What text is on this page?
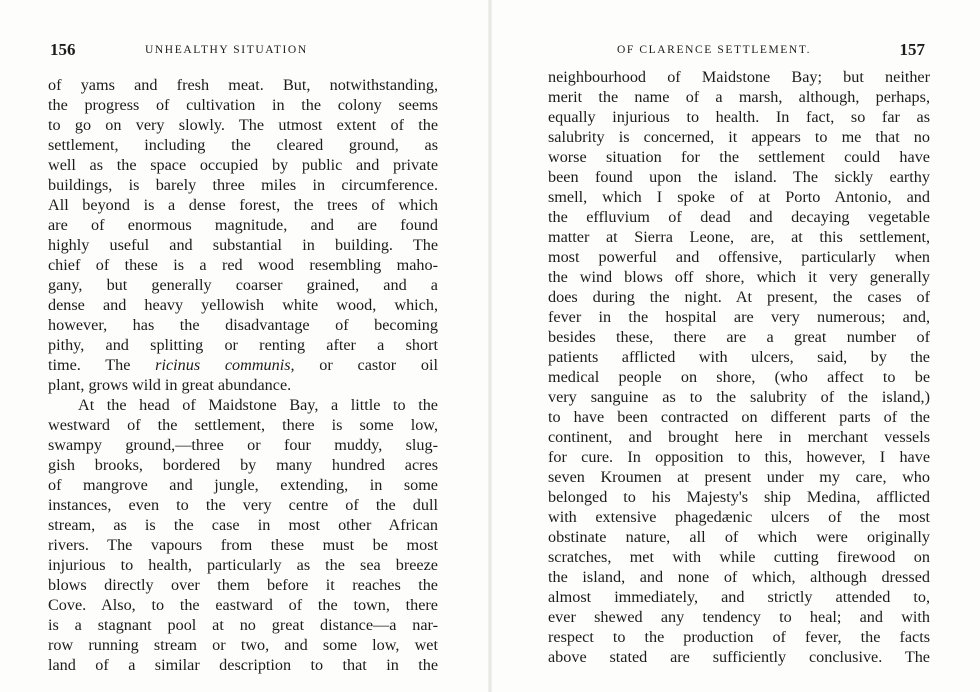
156	UNHEALTHY SITUATION
of yams and fresh meat. But, notwithstanding,
the progress of cultivation in the colony seems
to go on very slowly. The utmost extent of the
settlement, including the cleared ground, as
well as the space occupied by public and private
buildings, is barely three miles in circumference.
All beyond is a dense forest, the trees of which
are of enormous magnitude, and are found
highly useful and substantial in building. The
chief of these is a red wood resembling maho-
gany, but generally coarser grained, and a
dense and heavy yellowish white wood, which,
however, has the disadvantage of becoming
pithy, and splitting or renting after a short
time. The ricinus communis, or castor oil
plant, grows wild in great abundance.
At the head of Maidstone Bay, a little to the
westward of the settlement, there is some low,
swampy ground,—three or four muddy, slug-
gish brooks, bordered by many hundred acres
of mangrove and jungle, extending, in some
instances, even to the very centre of the dull
stream, as is the case in most other African
rivers. The vapours from these must be most
injurious to health, particularly as the sea breeze
blows directly over them before it reaches the
Cove. Also, to the eastward of the town, there
is a stagnant pool at no great distance—a nar-
row running stream or two, and some low, wet
land of a similar description to that in the
OF CLARENCE SETTLEMENT.	157
neighbourhood of Maidstone Bay; but neither
merit the name of a marsh, although, perhaps,
equally injurious to health. In fact, so far as
salubrity is concerned, it appears to me that no
worse situation for the settlement could have
been found upon the island. The sickly earthy
smell, which I spoke of at Porto Antonio, and
the effluvium of dead and decaying vegetable
matter at Sierra Leone, are, at this settlement,
most powerful and offensive, particularly when
the wind blows off shore, which it very generally
does during the night. At present, the cases of
fever in the hospital are very numerous; and,
besides these, there are a great number of
patients afflicted with ulcers, said, by the
medical people on shore, (who affect to be
very sanguine as to the salubrity of the island,)
to have been contracted on different parts of the
continent, and brought here in merchant vessels
for cure. In opposition to this, however, I have
seven Kroumen at present under my care, who
belonged to his Majesty's ship Medina, afflicted
with extensive phagedænic ulcers of the most
obstinate nature, all of which were originally
scratches, met with while cutting firewood on
the island, and none of which, although dressed
almost immediately, and strictly attended to,
ever shewed any tendency to heal; and with
respect to the production of fever, the facts
above stated are sufficiently conclusive. The
